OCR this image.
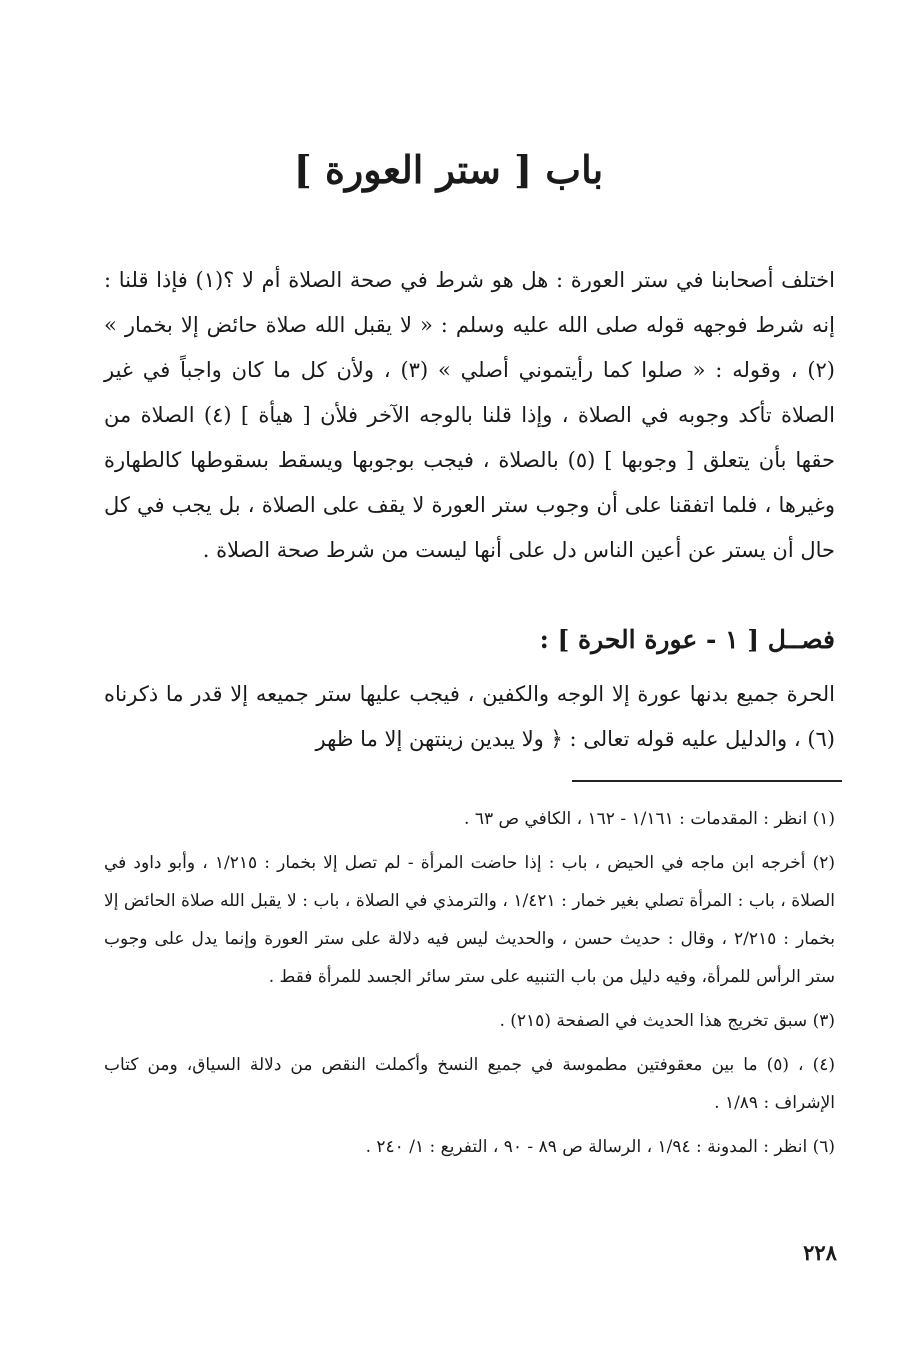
باب [ ستر العورة ]

اختلف أصحابنا في ستر العورة : هل هو شرط في صحة الصلاة أم لا ؟(١) فإذا قلنا : إنه شرط فوجهه قوله صلى الله عليه وسلم : « لا يقبل الله صلاة حائض إلا بخمار » (٢) ، وقوله : « صلوا كما رأيتموني أصلي » (٣) ، ولأن كل ما كان واجباً في غير الصلاة تأكد وجوبه في الصلاة ، وإذا قلنا بالوجه الآخر فلأن [ هيأة ] (٤) الصلاة من حقها بأن يتعلق [ وجوبها ] (٥) بالصلاة ، فيجب بوجوبها ويسقط بسقوطها كالطهارة وغيرها ، فلما اتفقنا على أن وجوب ستر العورة لا يقف على الصلاة ، بل يجب في كل حال أن يستر عن أعين الناس دل على أنها ليست من شرط صحة الصلاة .

فصــل [ ١ - عورة الحرة ] :

الحرة جميع بدنها عورة إلا الوجه والكفين ، فيجب عليها ستر جميعه إلا قدر ما ذكرناه (٦) ، والدليل عليه قوله تعالى : ﴿ ولا يبدين زينتهن إلا ما ظهر

(١) انظر : المقدمات : ١/١٦١ - ١٦٢ ، الكافي ص ٦٣ .

(٢) أخرجه ابن ماجه في الحيض ، باب : إذا حاضت المرأة - لم تصل إلا بخمار : ١/٢١٥ ، وأبو داود في الصلاة ، باب : المرأة تصلي بغير خمار : ١/٤٢١ ، والترمذي في الصلاة ، باب : لا يقبل الله صلاة الحائض إلا بخمار : ٢/٢١٥ ، وقال : حديث حسن ، والحديث ليس فيه دلالة على ستر العورة وإنما يدل على وجوب ستر الرأس للمرأة، وفيه دليل من باب التنبيه على ستر سائر الجسد للمرأة فقط .

(٣) سبق تخريج هذا الحديث في الصفحة (٢١٥) .

(٤) ، (٥) ما بين معقوفتين مطموسة في جميع النسخ وأكملت النقص من دلالة السياق، ومن كتاب الإشراف : ١/٨٩ .

(٦) انظر : المدونة : ١/٩٤ ، الرسالة ص ٨٩ - ٩٠ ، التفريع : ١/ ٢٤٠ .

٢٢٨
